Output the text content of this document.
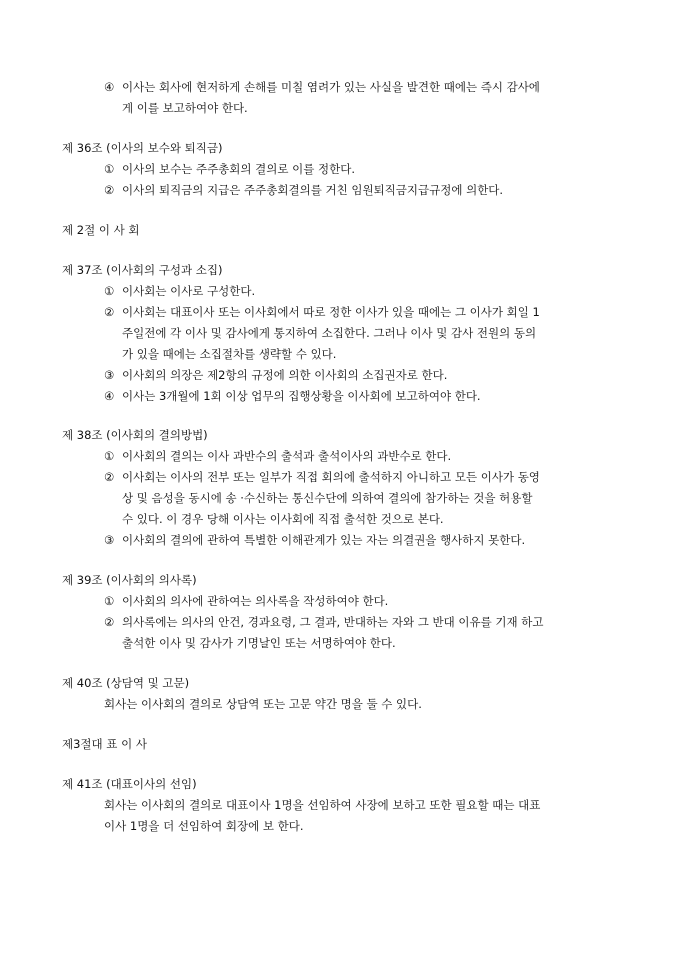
④ 이사는 회사에 현저하게 손해를 미칠 염려가 있는 사실을 발견한 때에는 즉시 감사에
게 이를 보고하여야 한다.
제 36조 (이사의 보수와 퇴직금)
① 이사의 보수는 주주총회의 결의로 이를 정한다.
② 이사의 퇴직금의 지급은 주주총회결의를 거친 임원퇴직금지급규정에 의한다.
제 2절 이 사 회
제 37조 (이사회의 구성과 소집)
① 이사회는 이사로 구성한다.
② 이사회는 대표이사 또는 이사회에서 따로 정한 이사가 있을 때에는 그 이사가 회일 1
주일전에 각 이사 및 감사에게 통지하여 소집한다. 그러나 이사 및 감사 전원의 동의
가 있을 때에는 소집절차를 생략할 수 있다.
③ 이사회의 의장은 제2항의 규정에 의한 이사회의 소집권자로 한다.
④ 이사는 3개월에 1회 이상 업무의 집행상황을 이사회에 보고하여야 한다.
제 38조 (이사회의 결의방법)
① 이사회의 결의는 이사 과반수의 출석과 출석이사의 과반수로 한다.
② 이사회는 이사의 전부 또는 일부가 직접 회의에 출석하지 아니하고 모든 이사가 동영
상 및 음성을 동시에 송 ·수신하는 통신수단에 의하여 결의에 참가하는 것을 허용할
수 있다. 이 경우 당해 이사는 이사회에 직접 출석한 것으로 본다.
③ 이사회의 결의에 관하여 특별한 이해관계가 있는 자는 의결권을 행사하지 못한다.
제 39조 (이사회의 의사록)
① 이사회의 의사에 관하여는 의사록을 작성하여야 한다.
② 의사록에는 의사의 안건, 경과요령, 그 결과, 반대하는 자와 그 반대 이유를 기재 하고
출석한 이사 및 감사가 기명날인 또는 서명하여야 한다.
제 40조 (상담역 및 고문)
회사는 이사회의 결의로 상담역 또는 고문 약간 명을 둘 수 있다.
제3절대 표 이 사
제 41조 (대표이사의 선임)
회사는 이사회의 결의로 대표이사 1명을 선임하여 사장에 보하고 또한 필요할 때는 대표
이사 1명을 더 선임하여 회장에 보 한다.
